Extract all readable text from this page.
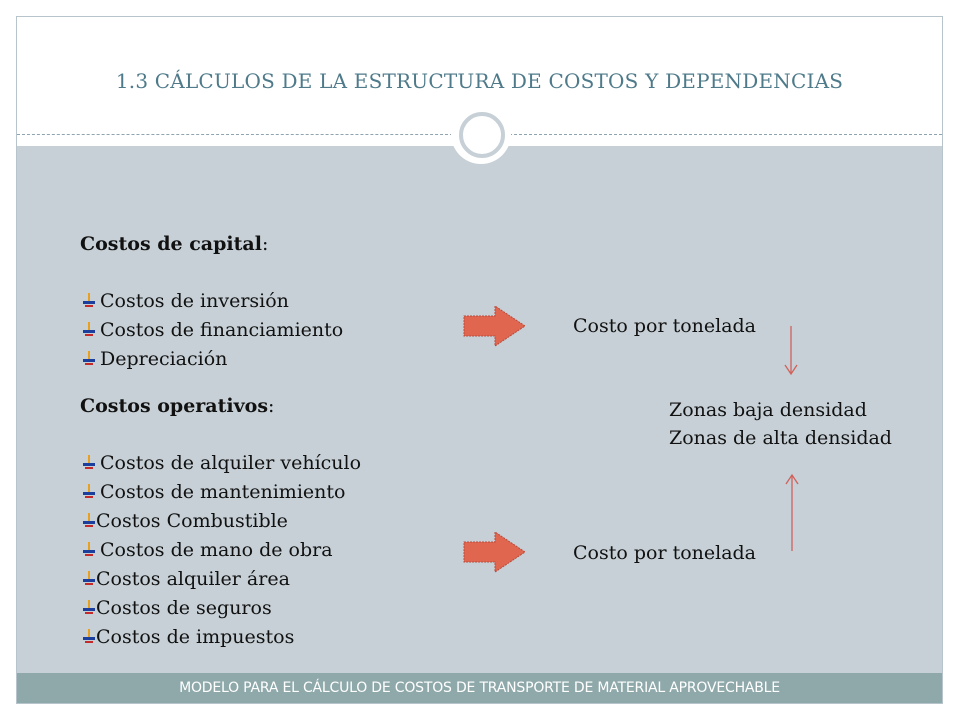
1.3 CÁLCULOS DE LA ESTRUCTURA DE COSTOS Y DEPENDENCIAS
Costos de capital:
Costos de inversión
Costos de financiamiento
Depreciación
Costos operativos:
Costos de alquiler vehículo
Costos de mantenimiento
Costos Combustible
Costos de mano de obra
Costos alquiler área
Costos de seguros
Costos de impuestos
Costo por tonelada
Zonas baja densidad
Zonas de alta densidad
Costo por tonelada
MODELO PARA EL CÁLCULO DE COSTOS DE TRANSPORTE DE MATERIAL APROVECHABLE
